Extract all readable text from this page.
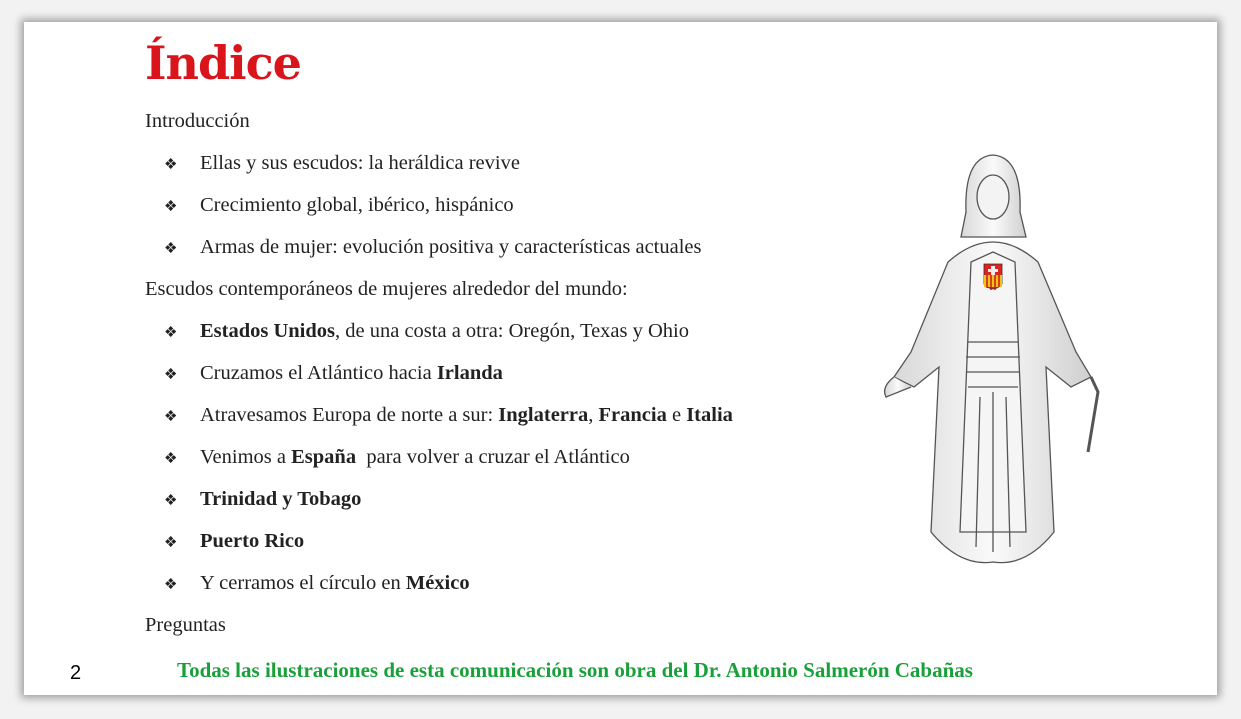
Índice
Introducción
❖ Ellas y sus escudos: la heráldica revive
❖ Crecimiento global, ibérico, hispánico
❖ Armas de mujer: evolución positiva y características actuales
Escudos contemporáneos de mujeres alrededor del mundo:
❖ Estados Unidos, de una costa a otra: Oregón, Texas y Ohio
❖ Cruzamos el Atlántico hacia Irlanda
❖ Atravesamos Europa de norte a sur: Inglaterra, Francia e Italia
❖ Venimos a España  para volver a cruzar el Atlántico
❖ Trinidad y Tobago
❖ Puerto Rico
❖ Y cerramos el círculo en México
Preguntas
2	Todas las ilustraciones de esta comunicación son obra del Dr. Antonio Salmerón Cabañas
